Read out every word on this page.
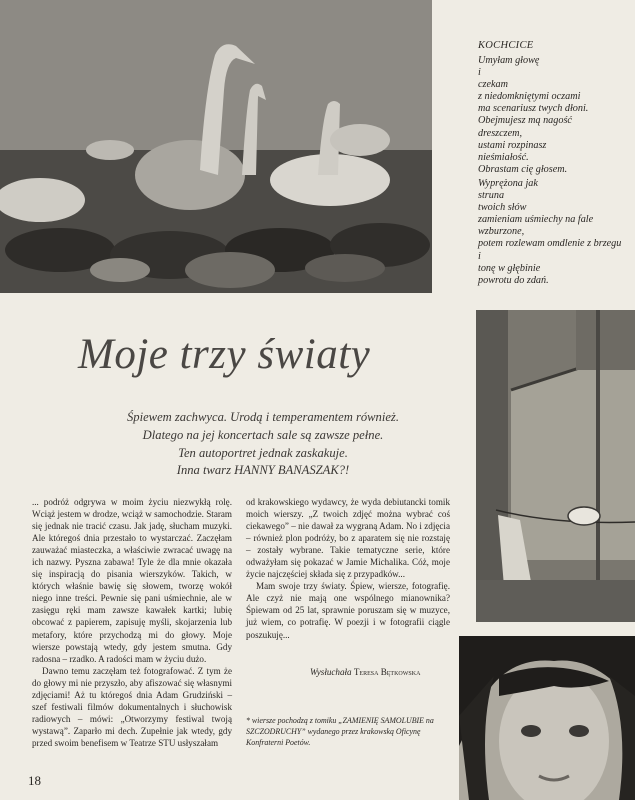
KOCHCICE
Umyłam głowę
i
czekam
z niedomkniętymi oczami
ma scenariusz twych dłoni.
Obejmujesz mą nagość
dreszczem,
ustami rozpinasz
nieśmiałość.
Obrastam cię głosem.
Wyprężona jak
struna
twoich słów
zamieniam uśmiechy na fale
wzburzone,
potem rozlewam omdlenie z brzegu
i
tonę w głębinie
powrotu do zdań.
Moje trzy światy
Śpiewem zachwyca. Urodą i temperamentem również.
Dlatego na jej koncertach sale są zawsze pełne.
Ten autoportret jednak zaskakuje.
Inna twarz HANNY BANASZAK?!

... podróż odgrywa w moim życiu niezwykłą rolę. Wciąż jestem w drodze, wciąż w samochodzie. Staram się jednak nie tracić czasu. Jak jadę, słucham muzyki. Ale któregoś dnia przestało to wystarczać. Zaczęłam zauważać miasteczka, a właściwie zwracać uwagę na ich nazwy. Pyszna zabawa! Tyle że dla mnie okazała się inspiracją do pisania wierszyków. Takich, w których właśnie bawię się słowem, tworzę wokół niego inne treści. Pewnie się pani uśmiechnie, ale w zasięgu ręki mam zawsze kawałek kartki; lubię obcować z papierem, zapisuję myśli, skojarzenia lub metafory, które przychodzą mi do głowy. Moje wiersze powstają wtedy, gdy jestem smutna. Gdy radosna – rzadko. A radości mam w życiu dużo.

Dawno temu zaczęłam też fotografować. Z tym że do głowy mi nie przyszło, aby afiszować się własnymi zdjęciami! Aż tu któregoś dnia Adam Grudziński – szef festiwali filmów dokumentalnych i słuchowisk radiowych – mówi: „Otworzymy festiwal twoją wystawą”. Zaparło mi dech. Zupełnie jak wtedy, gdy przed swoim benefisem w Teatrze STU usłyszałam

od krakowskiego wydawcy, że wyda debiutancki tomik moich wierszy. „Z twoich zdjęć można wybrać coś ciekawego” – nie dawał za wygraną Adam. No i zdjęcia – również plon podróży, bo z aparatem się nie rozstaję – zostały wybrane. Takie tematyczne serie, które odważyłam się pokazać w Jamie Michalika. Cóż, moje życie najczęściej składa się z przypadków...

Mam swoje trzy światy. Śpiew, wiersze, fotografię. Ale czyż nie mają one wspólnego mianownika? Śpiewam od 25 lat, sprawnie poruszam się w muzyce, już wiem, co potrafię. W poezji i w fotografii ciągle poszukuję...

Wysłuchała Teresa Bętkowska
* wiersze pochodzą z tomiku „ZAMIENIĘ SAMOLUBIE na SZCZODRUCHY” wydanego przez krakowską Oficynę Konfraterni Poetów.
18
